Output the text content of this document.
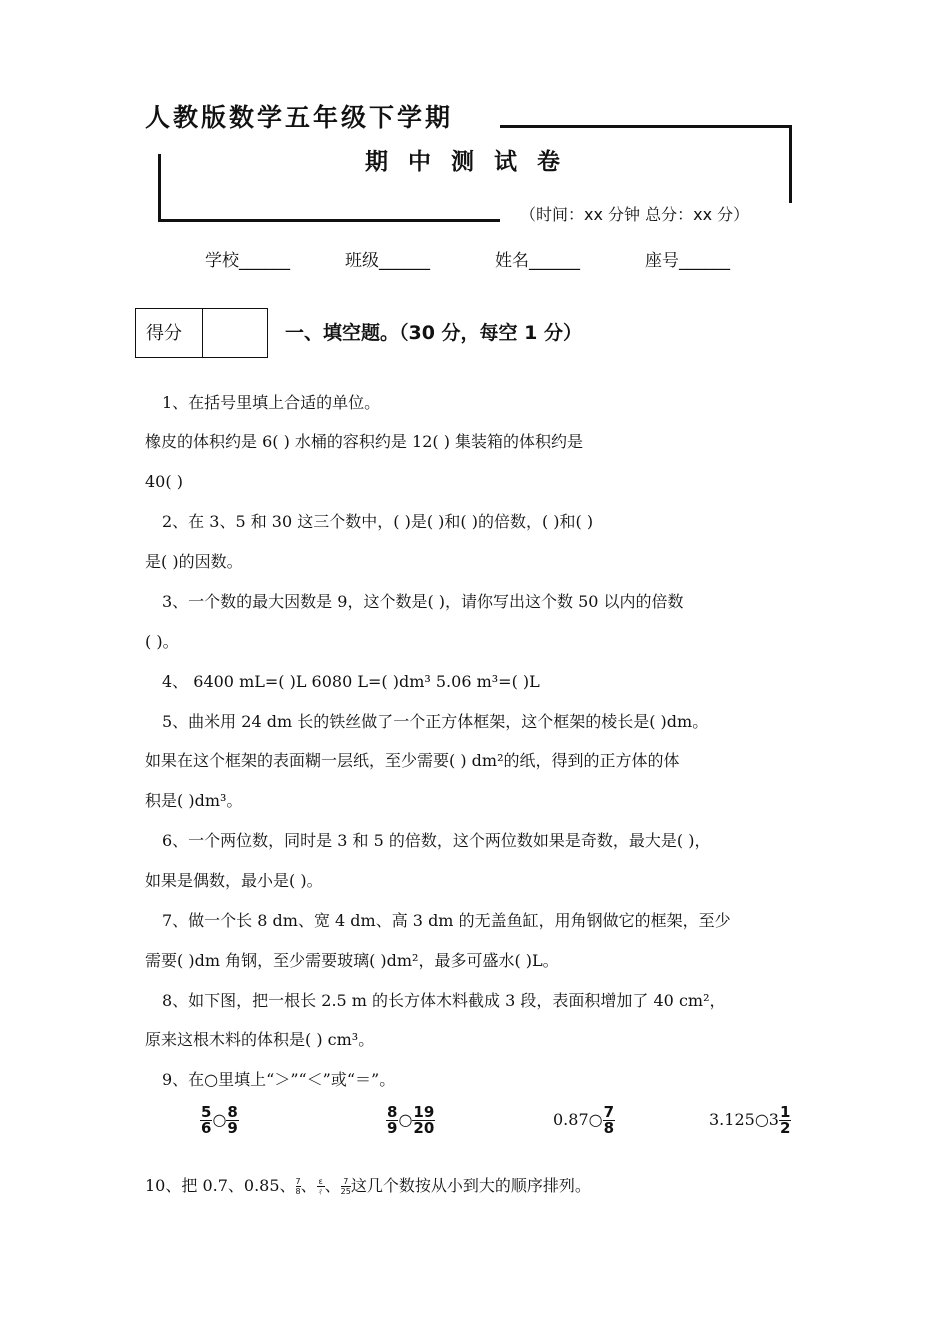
人教版数学五年级下学期
期中测试卷
（时间：xx 分钟 总分：xx 分）
学校______	班级______	姓名______	座号______
得分	一、填空题。（30 分，每空 1 分）
1、在括号里填上合适的单位。
橡皮的体积约是 6( ) 水桶的容积约是 12( ) 集装箱的体积约是
40( )
2、在 3、5 和 30 这三个数中，( )是( )和( )的倍数，( )和( )
是( )的因数。
3、一个数的最大因数是 9，这个数是( )，请你写出这个数 50 以内的倍数
( )。
4、 6400 mL=( )L 6080 L=( )dm³ 5.06 m³=( )L
5、曲米用 24 dm 长的铁丝做了一个正方体框架，这个框架的棱长是( )dm。
如果在这个框架的表面糊一层纸，至少需要( ) dm²的纸，得到的正方体的体
积是( )dm³。
6、一个两位数，同时是 3 和 5 的倍数，这个两位数如果是奇数，最大是( )，
如果是偶数，最小是( )。
7、做一个长 8 dm、宽 4 dm、高 3 dm 的无盖鱼缸，用角钢做它的框架，至少
需要( )dm 角钢，至少需要玻璃( )dm²，最多可盛水( )L。
8、如下图，把一根长 2.5 m 的长方体木料截成 3 段，表面积增加了 40 cm²，
原来这根木料的体积是( ) cm³。
9、在○里填上“＞”“＜”或“＝”。
$\frac{5}{6}$ ○ $\frac{8}{9}$	$\frac{8}{9}$ ○ $\frac{19}{20}$	0.87○ $\frac{7}{8}$	3.125○3 $\frac{1}{2}$
10、把 0.7、0.85、 $\frac{7}{8}$ 、 ε
ㄔ 、 $\frac{7}{25}$ 这几个数按从小到大的顺序排列。
